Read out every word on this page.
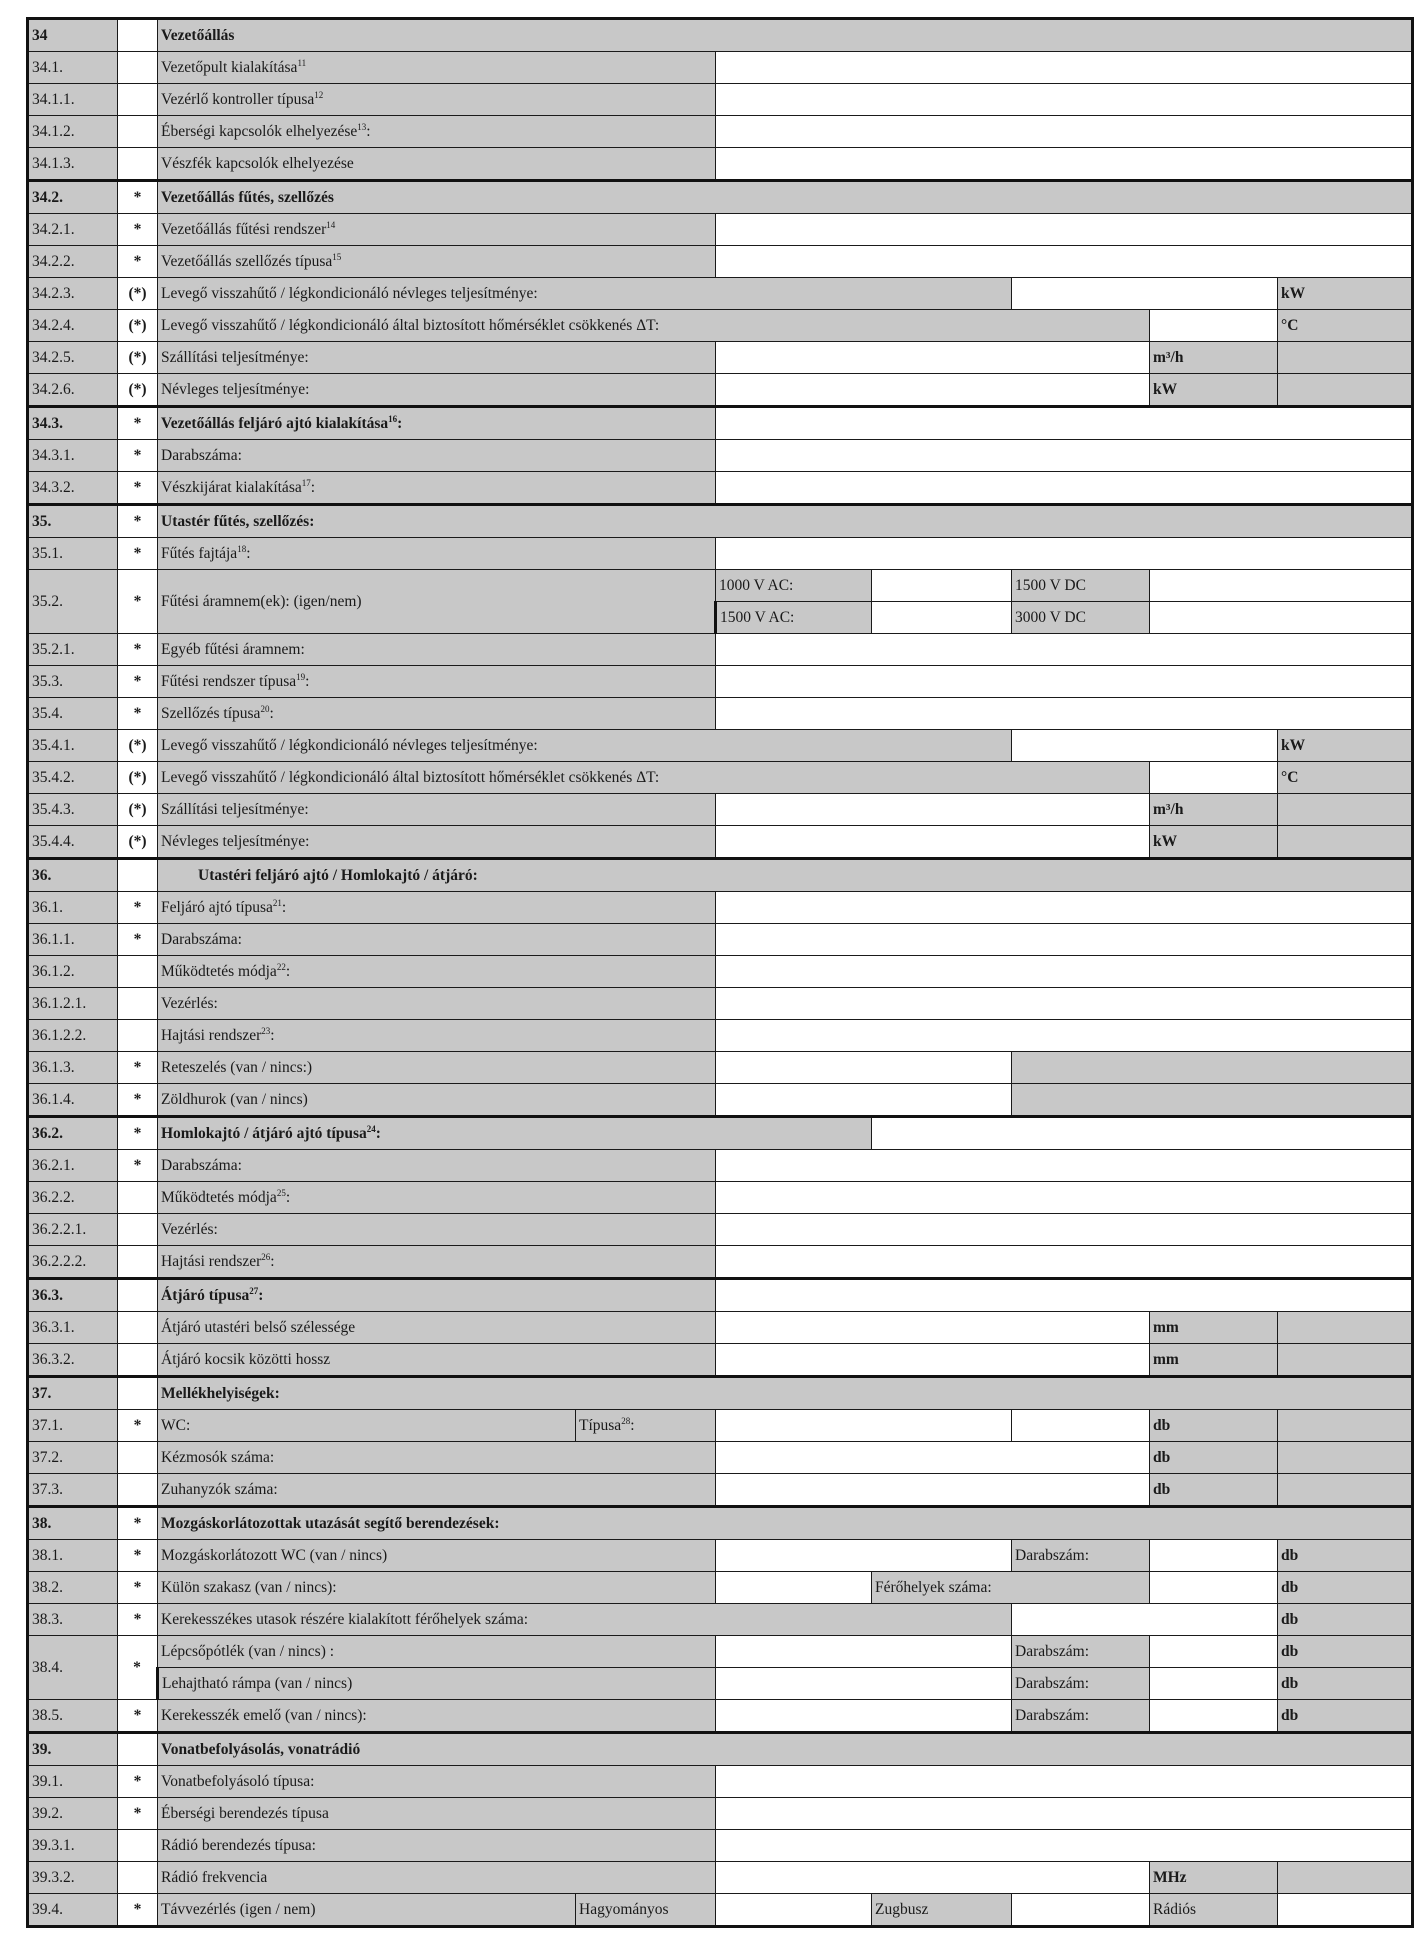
34		Vezetőállás							
34.1.		Vezetőpult kialakítása$^{11}$	
34.1.1.		Vezérlő kontroller típusa$^{12}$	
34.1.2.		Éberségi kapcsolók elhelyezése$^{13}$:							
34.1.3.		Vészfék kapcsolók elhelyezése							
34.2.	*	Vezetőállás fűtés, szellőzés							
34.2.1.	*	Vezetőállás fűtési rendszer$^{14}$	
34.2.2.	*	Vezetőállás szellőzés típusa$^{15}$	
34.2.3.	(*)	Levegő visszahűtő / légkondicionáló névleges teljesítménye:						kW	
34.2.4.	(*)	Levegő visszahűtő / légkondicionáló által biztosított hőmérséklet csökkenés ΔT:						°C	
34.2.5.	(*)	Szállítási teljesítménye:					m³/h		
34.2.6.	(*)	Névleges teljesítménye:					kW		
34.3.	*	Vezetőállás feljáró ajtó kialakítása$^{16}$:							
34.3.1.	*	Darabszáma:							
34.3.2.	*	Vészkijárat kialakítása$^{17}$:							
35.	*	Utastér fűtés, szellőzés:							
35.1.	*	Fűtés fajtája$^{18}$:							
35.2.	*	Fűtési áramnem(ek): (igen/nem)		1000 V AC:		1500 V DC			
				1500 V AC:		3000 V DC			
35.2.1.	*	Egyéb fűtési áramnem:							
35.3.	*	Fűtési rendszer típusa$^{19}$:							
35.4.	*	Szellőzés típusa$^{20}$:							
35.4.1.	(*)	Levegő visszahűtő / légkondicionáló névleges teljesítménye:						kW	
35.4.2.	(*)	Levegő visszahűtő / légkondicionáló által biztosított hőmérséklet csökkenés ΔT:						°C	
35.4.3.	(*)	Szállítási teljesítménye:					m³/h		
35.4.4.	(*)	Névleges teljesítménye:					kW		
36.		Utastéri feljáró ajtó / Homlokajtó / átjáró:							
36.1.	*	Feljáró ajtó típusa$^{21}$:							
36.1.1.	*	Darabszáma:							
36.1.2.		Működtetés módja$^{22}$:							
36.1.2.1.		Vezérlés:							
36.1.2.2.		Hajtási rendszer$^{23}$:							
36.1.3.	*	Reteszelés (van / nincs:)							
36.1.4.	*	Zöldhurok (van / nincs)							
36.2.	*	Homlokajtó / átjáró ajtó típusa$^{24}$:							
36.2.1.	*	Darabszáma:							
36.2.2.		Működtetés módja$^{25}$:							
36.2.2.1.		Vezérlés:							
36.2.2.2.		Hajtási rendszer$^{26}$:							
36.3.		Átjáró típusa$^{27}$:							
36.3.1.		Átjáró utastéri belső szélessége					mm		
36.3.2.		Átjáró kocsik közötti hossz					mm		
37.		Mellékhelyiségek:							
37.1.	*	WC:	Típusa$^{28}$:				db		
37.2.		Kézmosók száma:					db		
37.3.		Zuhanyzók száma:					db		
38.	*	Mozgáskorlátozottak utazását segítő berendezések:							
38.1.	*	Mozgáskorlátozott WC (van / nincs)				Darabszám:		db	
38.2.	*	Külön szakasz (van / nincs):			Férőhelyek száma:			db	
38.3.	*	Kerekesszékes utasok részére kialakított férőhelyek száma:						db	
38.4.	*	Lépcsőpótlék (van / nincs) :				Darabszám:		db	
		Lehajtható rámpa (van / nincs)				Darabszám:		db	
38.5.	*	Kerekesszék emelő (van / nincs):				Darabszám:		db	
39.		Vonatbefolyásolás, vonatrádió							
39.1.	*	Vonatbefolyásoló típusa:							
39.2.	*	Éberségi berendezés típusa							
39.3.1.		Rádió berendezés típusa:							
39.3.2.		Rádió frekvencia					MHz		
39.4.	*	Távvezérlés (igen / nem)	Hagyományos		Zugbusz		Rádiós		
